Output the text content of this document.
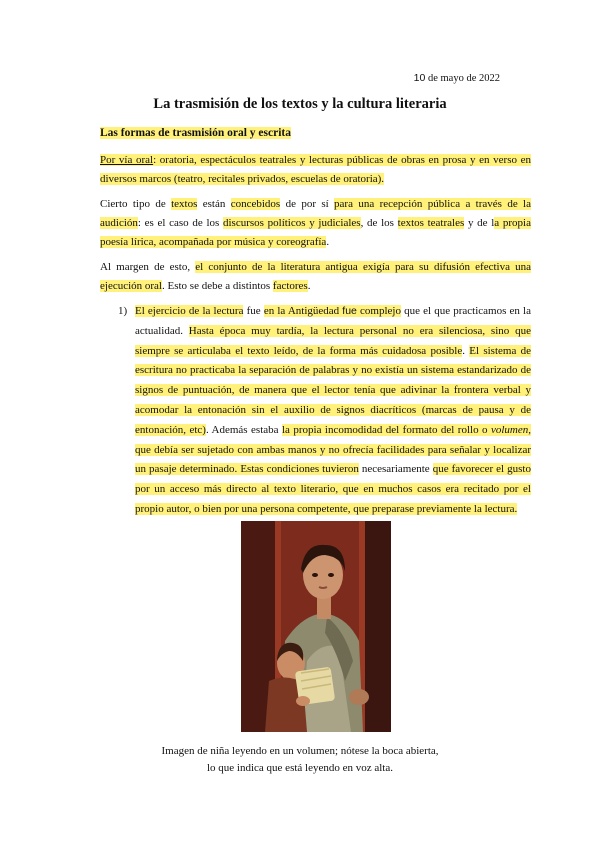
10 de mayo de 2022
La trasmisión de los textos y la cultura literaria
Las formas de trasmisión oral y escrita
Por vía oral: oratoria, espectáculos teatrales y lecturas públicas de obras en prosa y en verso en diversos marcos (teatro, recitales privados, escuelas de oratoria).
Cierto tipo de textos están concebidos de por sí para una recepción pública a través de la audición: es el caso de los discursos políticos y judiciales, de los textos teatrales y de la propia poesía lírica, acompañada por música y coreografía.
Al margen de esto, el conjunto de la literatura antigua exigía para su difusión efectiva una ejecución oral. Esto se debe a distintos factores.
1) El ejercicio de la lectura fue en la Antigüedad fue complejo que el que practicamos en la actualidad. Hasta época muy tardía, la lectura personal no era silenciosa, sino que siempre se articulaba el texto leído, de la forma más cuidadosa posible. El sistema de escritura no practicaba la separación de palabras y no existía un sistema estandarizado de signos de puntuación, de manera que el lector tenía que adivinar la frontera verbal y acomodar la entonación sin el auxilio de signos diacríticos (marcas de pausa y de entonación, etc). Además estaba la propia incomodidad del formato del rollo o volumen, que debía ser sujetado con ambas manos y no ofrecía facilidades para señalar y localizar un pasaje determinado. Estas condiciones tuvieron necesariamente que favorecer el gusto por un acceso más directo al texto literario, que en muchos casos era recitado por el propio autor, o bien por una persona competente, que preparase previamente la lectura.
Imagen de niña leyendo en un volumen; nótese la boca abierta,
lo que indica que está leyendo en voz alta.
